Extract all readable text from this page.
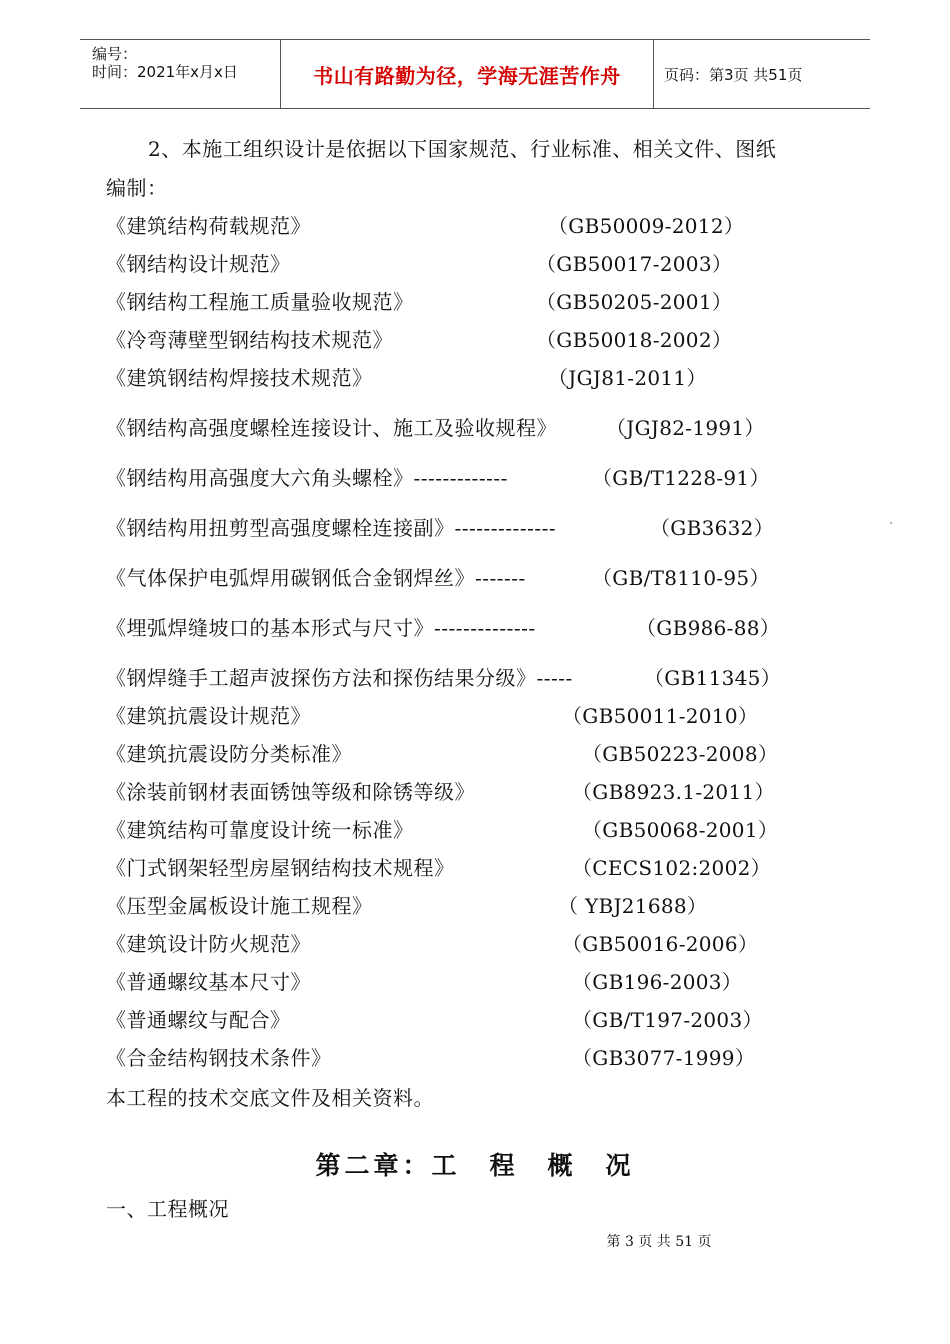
编号：
时间：2021年x月x日	书山有路勤为径，学海无涯苦作舟	页码：第3页 共51页
2、本施工组织设计是依据以下国家规范、行业标准、相关文件、图纸
编制：
《建筑结构荷载规范》	（GB50009-2012）
《钢结构设计规范》	（GB50017-2003）
《钢结构工程施工质量验收规范》	（GB50205-2001）
《冷弯薄壁型钢结构技术规范》	（GB50018-2002）
《建筑钢结构焊接技术规范》	（JGJ81-2011）
《钢结构高强度螺栓连接设计、施工及验收规程》 （JGJ82-1991）
《钢结构用高强度大六角头螺栓》-------------	（GB/T1228-91）
《钢结构用扭剪型高强度螺栓连接副》--------------	（GB3632）
《气体保护电弧焊用碳钢低合金钢焊丝》-------	（GB/T8110-95）
《埋弧焊缝坡口的基本形式与尺寸》--------------	（GB986-88）
《钢焊缝手工超声波探伤方法和探伤结果分级》-----	（GB11345）
《建筑抗震设计规范》	（GB50011-2010）
《建筑抗震设防分类标准》	（GB50223-2008）
《涂装前钢材表面锈蚀等级和除锈等级》	（GB8923.1-2011）
《建筑结构可靠度设计统一标准》	（GB50068-2001）
《门式钢架轻型房屋钢结构技术规程》	（CECS102:2002）
《压型金属板设计施工规程》	（ YBJ21688）
《建筑设计防火规范》	（GB50016-2006）
《普通螺纹基本尺寸》	（GB196-2003）
《普通螺纹与配合》	（GB/T197-2003）
《合金结构钢技术条件》	（GB3077-1999）
本工程的技术交底文件及相关资料。
第二章：工　程　概　况
一、工程概况
第 3 页 共 51 页
